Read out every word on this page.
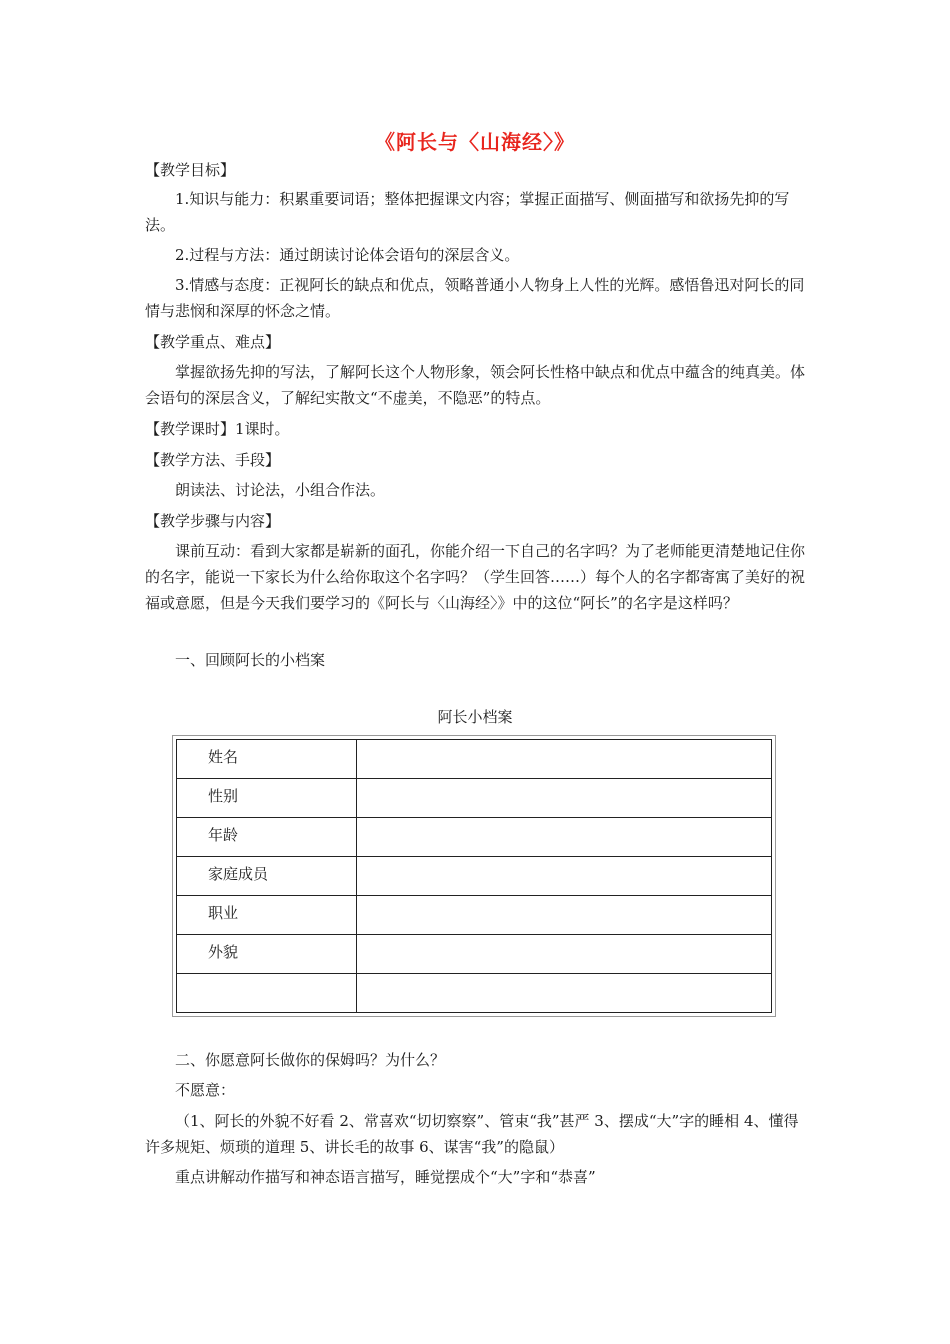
《阿长与〈山海经〉》

【教学目标】

1.知识与能力：积累重要词语；整体把握课文内容；掌握正面描写、侧面描写和欲扬先抑的写法。

2.过程与方法：通过朗读讨论体会语句的深层含义。

3.情感与态度：正视阿长的缺点和优点，领略普通小人物身上人性的光辉。感悟鲁迅对阿长的同情与悲悯和深厚的怀念之情。

【教学重点、难点】

掌握欲扬先抑的写法，了解阿长这个人物形象，领会阿长性格中缺点和优点中蕴含的纯真美。体会语句的深层含义，了解纪实散文“不虚美，不隐恶”的特点。

【教学课时】1课时。

【教学方法、手段】

朗读法、讨论法，小组合作法。

【教学步骤与内容】

课前互动：看到大家都是崭新的面孔，你能介绍一下自己的名字吗？为了老师能更清楚地记住你的名字，能说一下家长为什么给你取这个名字吗？（学生回答……）每个人的名字都寄寓了美好的祝福或意愿，但是今天我们要学习的《阿长与〈山海经〉》中的这位“阿长”的名字是这样吗？

一、回顾阿长的小档案

阿长小档案
姓名	
性别	
年龄	
家庭成员	
职业	
外貌	

二、你愿意阿长做你的保姆吗？为什么？

不愿意：

（1、阿长的外貌不好看 2、常喜欢“切切察察”、管束“我”甚严 3、摆成“大”字的睡相 4、懂得许多规矩、烦琐的道理 5、讲长毛的故事 6、谋害“我”的隐鼠）

重点讲解动作描写和神态语言描写，睡觉摆成个“大”字和“恭喜”
